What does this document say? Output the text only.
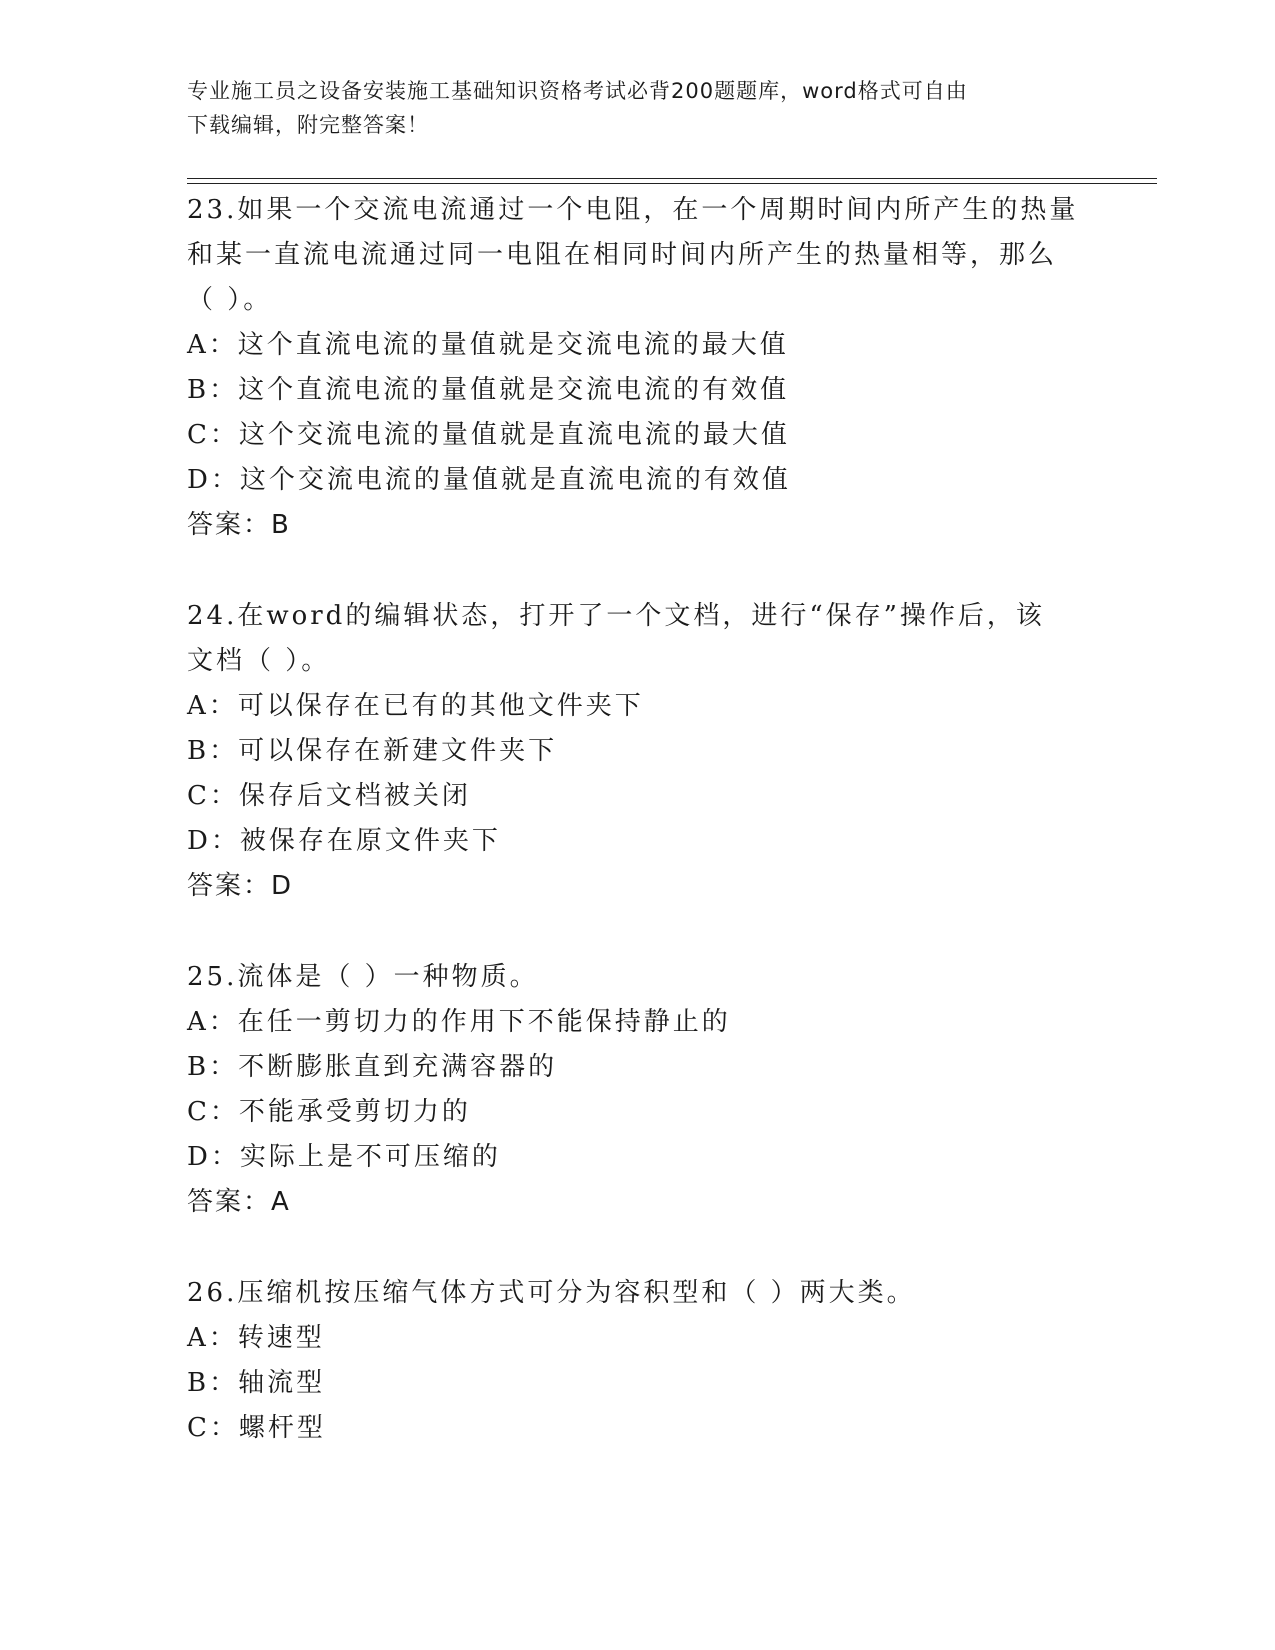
专业施工员之设备安装施工基础知识资格考试必背200题题库，word格式可自由
下载编辑，附完整答案！
23.如果一个交流电流通过一个电阻，在一个周期时间内所产生的热量
和某一直流电流通过同一电阻在相同时间内所产生的热量相等，那么
（ ）。
A：这个直流电流的量值就是交流电流的最大值
B：这个直流电流的量值就是交流电流的有效值
C：这个交流电流的量值就是直流电流的最大值
D：这个交流电流的量值就是直流电流的有效值
答案：B
24.在word的编辑状态，打开了一个文档，进行“保存”操作后，该
文档（ ）。
A：可以保存在已有的其他文件夹下
B：可以保存在新建文件夹下
C：保存后文档被关闭
D：被保存在原文件夹下
答案：D
25.流体是（ ）一种物质。
A：在任一剪切力的作用下不能保持静止的
B：不断膨胀直到充满容器的
C：不能承受剪切力的
D：实际上是不可压缩的
答案：A
26.压缩机按压缩气体方式可分为容积型和（ ）两大类。
A：转速型
B：轴流型
C：螺杆型
